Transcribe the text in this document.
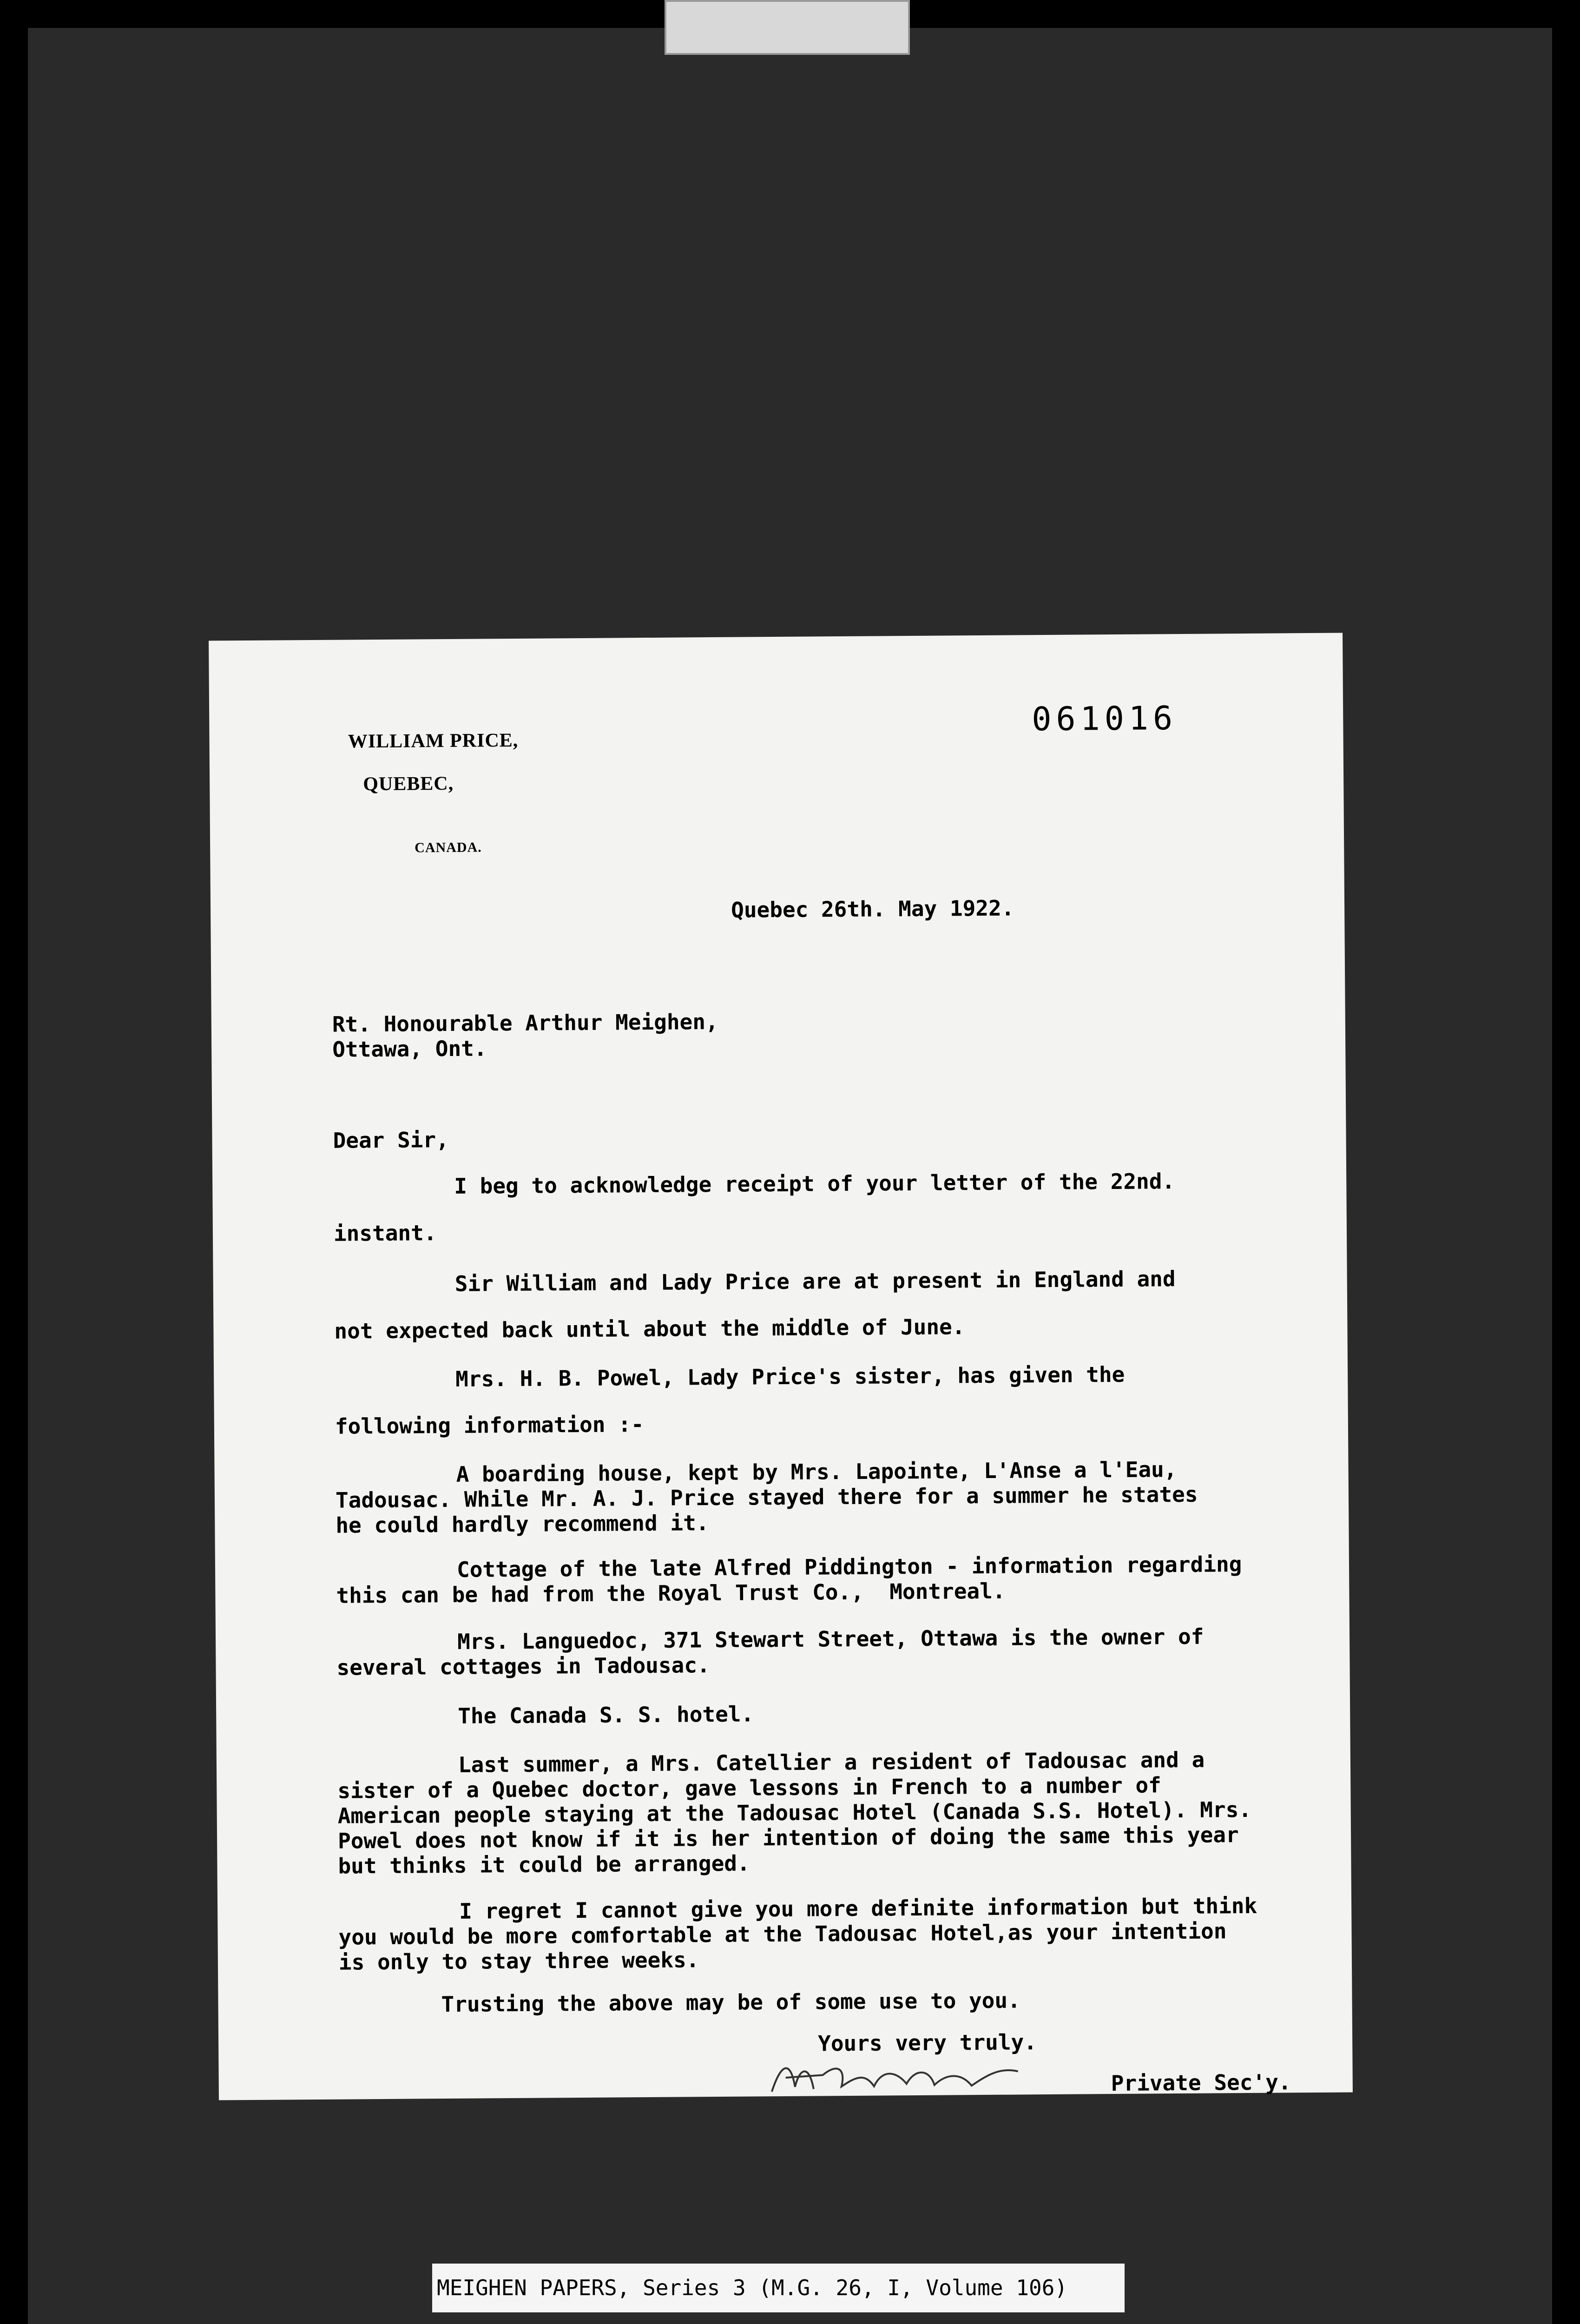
WILLIAM PRICE,

QUEBEC,

CANADA.

061016
Quebec 26th. May 1922.
Rt. Honourable Arthur Meighen,
Ottawa, Ont.
Dear Sir,
I beg to acknowledge receipt of your letter of the 22nd.
instant.
Sir William and Lady Price are at present in England and
not expected back until about the middle of June.
Mrs. H. B. Powel, Lady Price's sister, has given the
following information :-
A boarding house, kept by Mrs. Lapointe, L'Anse a l'Eau,
Tadousac. While Mr. A. J. Price stayed there for a summer he states
he could hardly recommend it.
Cottage of the late Alfred Piddington - information regarding
this can be had from the Royal Trust Co.,  Montreal.
Mrs. Languedoc, 371 Stewart Street, Ottawa is the owner of
several cottages in Tadousac.
The Canada S. S. hotel.
Last summer, a Mrs. Catellier a resident of Tadousac and a
sister of a Quebec doctor, gave lessons in French to a number of
American people staying at the Tadousac Hotel (Canada S.S. Hotel). Mrs.
Powel does not know if it is her intention of doing the same this year
but thinks it could be arranged.
I regret I cannot give you more definite information but think
you would be more comfortable at the Tadousac Hotel,as your intention
is only to stay three weeks.
Trusting the above may be of some use to you.
Yours very truly.
Private Sec'y.
MEIGHEN PAPERS, Series 3 (M.G. 26, I, Volume 106)
